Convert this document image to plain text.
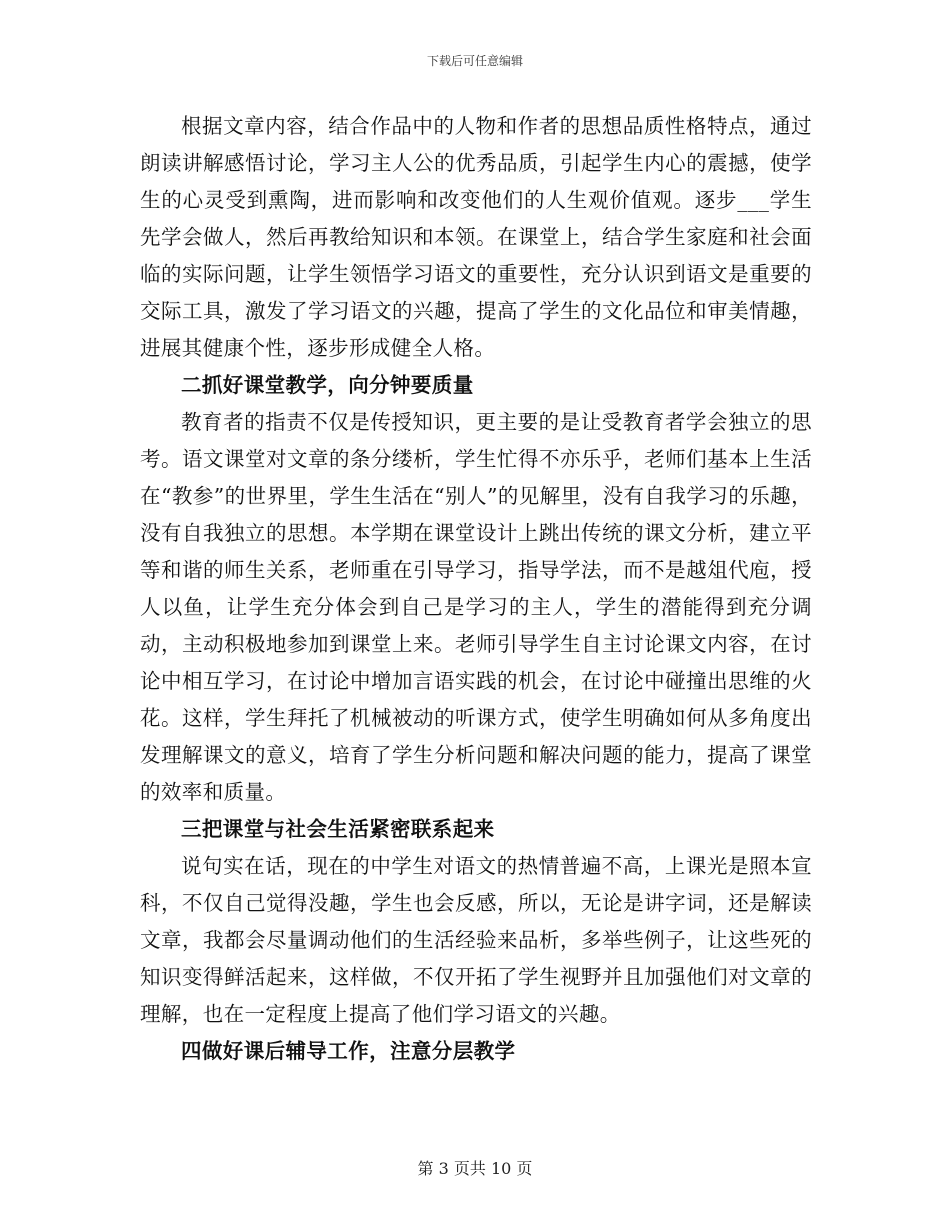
下载后可任意编辑

根据文章内容，结合作品中的人物和作者的思想品质性格特点，通过朗读讲解感悟讨论，学习主人公的优秀品质，引起学生内心的震撼，使学生的心灵受到熏陶，进而影响和改变他们的人生观价值观。逐步___学生先学会做人，然后再教给知识和本领。在课堂上，结合学生家庭和社会面临的实际问题，让学生领悟学习语文的重要性，充分认识到语文是重要的交际工具，激发了学习语文的兴趣，提高了学生的文化品位和审美情趣，进展其健康个性，逐步形成健全人格。

二抓好课堂教学，向分钟要质量

教育者的指责不仅是传授知识，更主要的是让受教育者学会独立的思考。语文课堂对文章的条分缕析，学生忙得不亦乐乎，老师们基本上生活在“教参”的世界里，学生生活在“别人”的见解里，没有自我学习的乐趣，没有自我独立的思想。本学期在课堂设计上跳出传统的课文分析，建立平等和谐的师生关系，老师重在引导学习，指导学法，而不是越俎代庖，授人以鱼，让学生充分体会到自己是学习的主人，学生的潜能得到充分调动，主动积极地参加到课堂上来。老师引导学生自主讨论课文内容，在讨论中相互学习，在讨论中增加言语实践的机会，在讨论中碰撞出思维的火花。这样，学生拜托了机械被动的听课方式，使学生明确如何从多角度出发理解课文的意义，培育了学生分析问题和解决问题的能力，提高了课堂的效率和质量。

三把课堂与社会生活紧密联系起来

说句实在话，现在的中学生对语文的热情普遍不高，上课光是照本宣科，不仅自己觉得没趣，学生也会反感，所以，无论是讲字词，还是解读文章，我都会尽量调动他们的生活经验来品析，多举些例子，让这些死的知识变得鲜活起来，这样做，不仅开拓了学生视野并且加强他们对文章的理解，也在一定程度上提高了他们学习语文的兴趣。

四做好课后辅导工作，注意分层教学

第 3 页共 10 页
